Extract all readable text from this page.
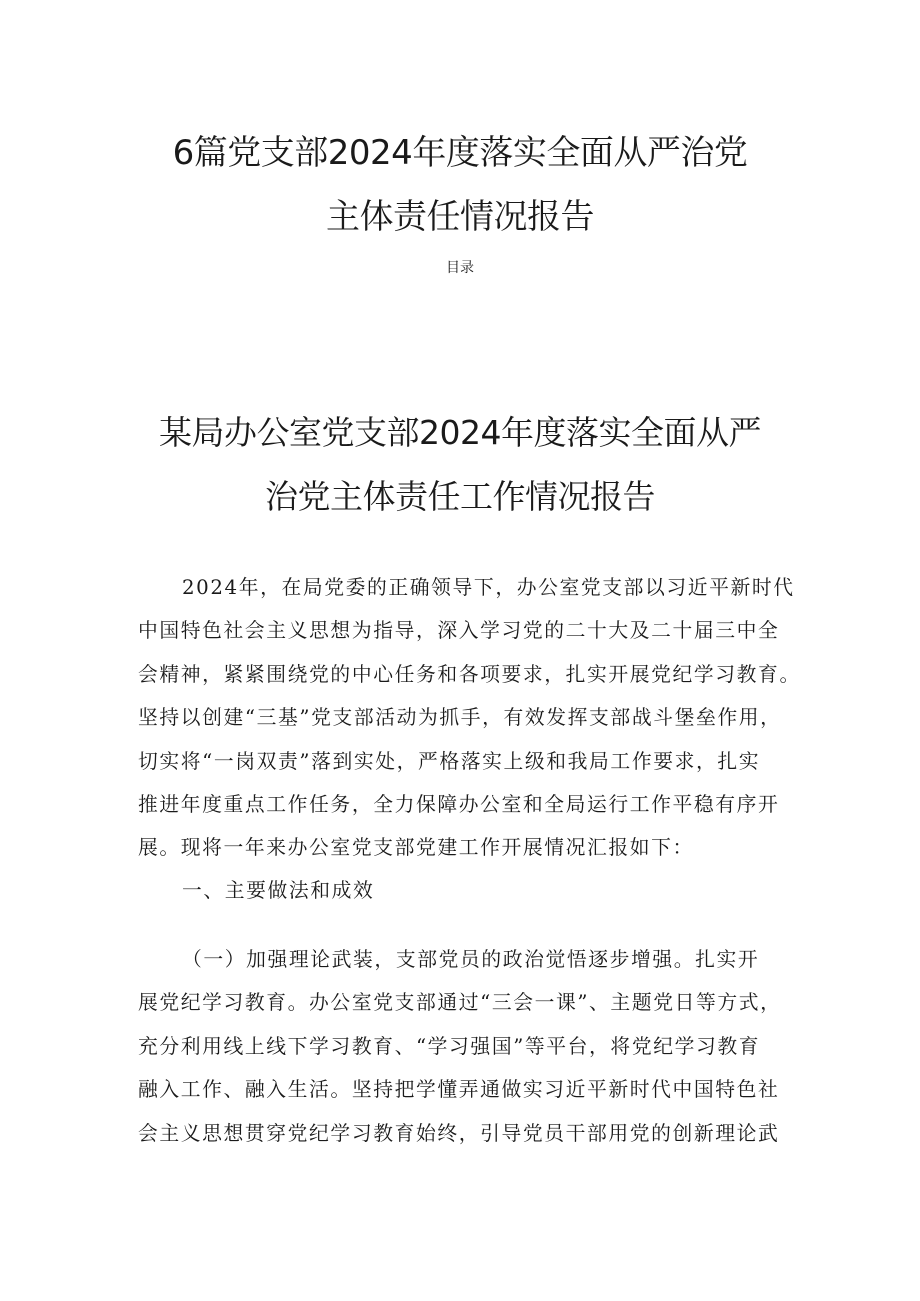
6篇党支部2024年度落实全面从严治党
主体责任情况报告
目录
某局办公室党支部2024年度落实全面从严
治党主体责任工作情况报告
2024年，在局党委的正确领导下，办公室党支部以习近平新时代
中国特色社会主义思想为指导，深入学习党的二十大及二十届三中全
会精神，紧紧围绕党的中心任务和各项要求，扎实开展党纪学习教育。
坚持以创建“三基”党支部活动为抓手，有效发挥支部战斗堡垒作用，
切实将“一岗双责”落到实处，严格落实上级和我局工作要求，扎实
推进年度重点工作任务，全力保障办公室和全局运行工作平稳有序开
展。现将一年来办公室党支部党建工作开展情况汇报如下：
一、主要做法和成效
（一）加强理论武装，支部党员的政治觉悟逐步增强。扎实开
展党纪学习教育。办公室党支部通过“三会一课”、主题党日等方式，
充分利用线上线下学习教育、“学习强国”等平台，将党纪学习教育
融入工作、融入生活。坚持把学懂弄通做实习近平新时代中国特色社
会主义思想贯穿党纪学习教育始终，引导党员干部用党的创新理论武
